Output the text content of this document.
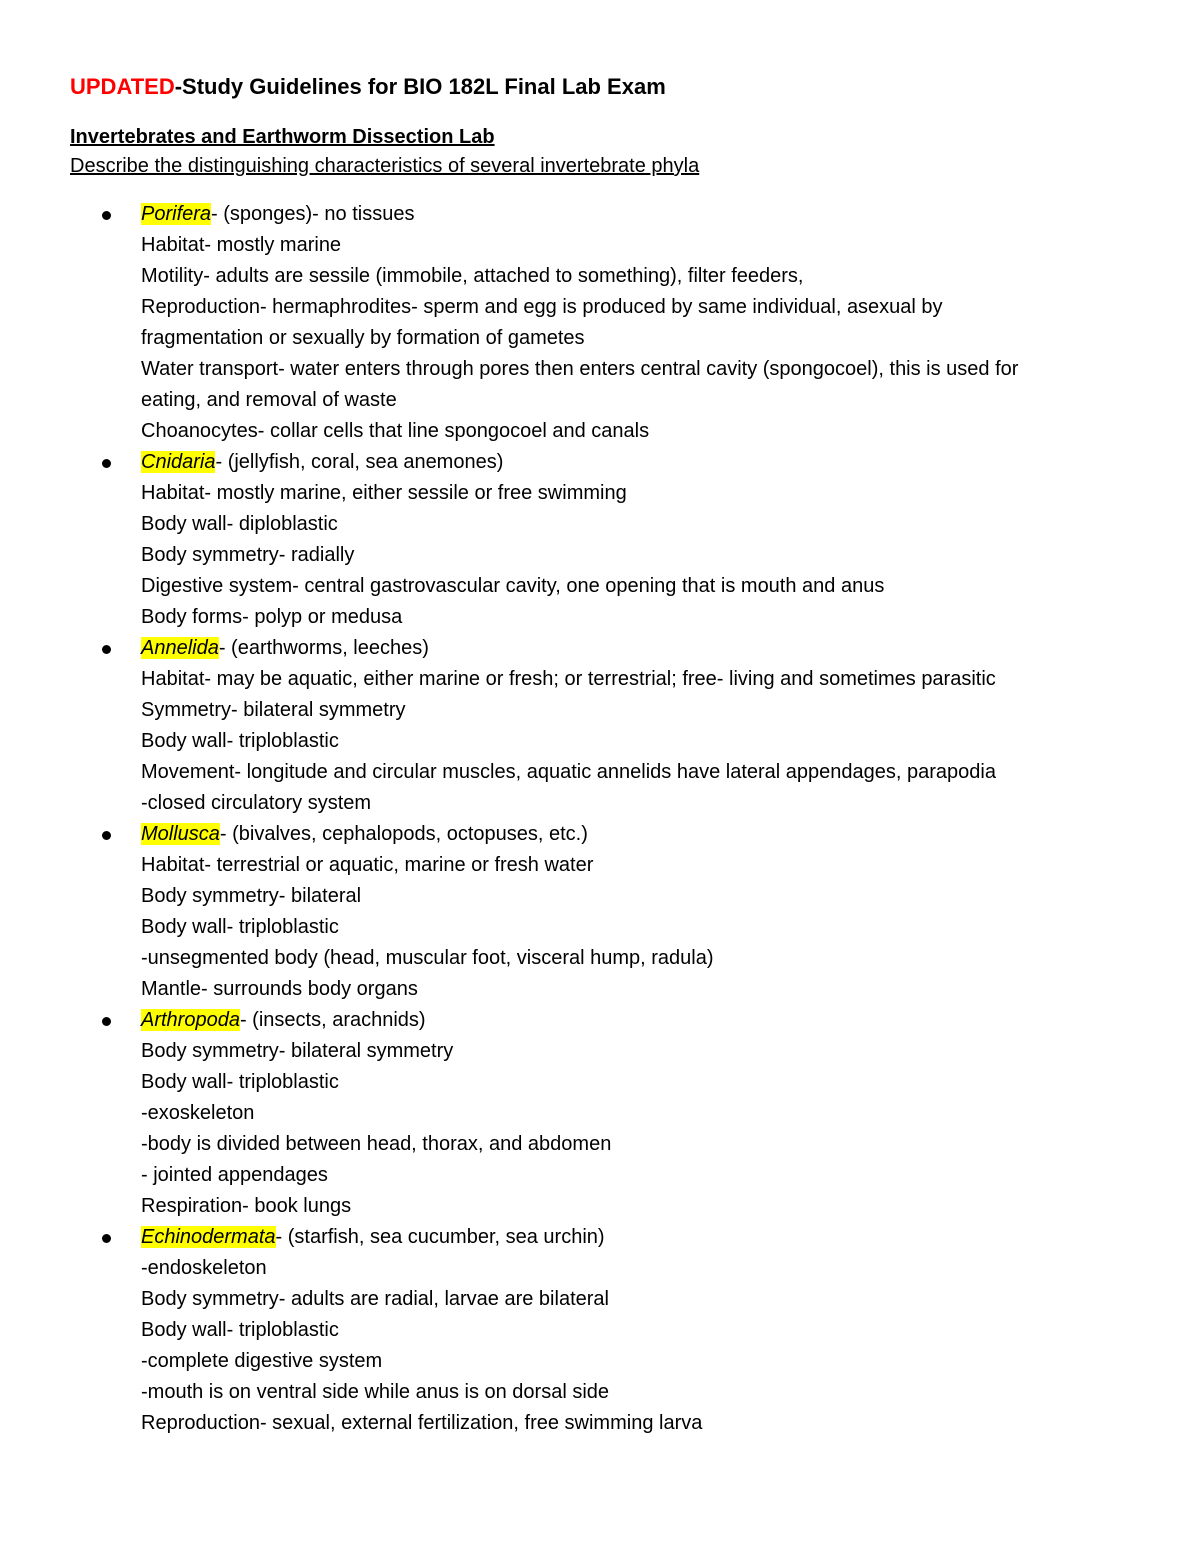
UPDATED-Study Guidelines for BIO 182L Final Lab Exam
Invertebrates and Earthworm Dissection Lab
Describe the distinguishing characteristics of several invertebrate phyla
Porifera- (sponges)- no tissues
Habitat- mostly marine
Motility- adults are sessile (immobile, attached to something), filter feeders,
Reproduction- hermaphrodites- sperm and egg is produced by same individual, asexual by
fragmentation or sexually by formation of gametes
Water transport- water enters through pores then enters central cavity (spongocoel), this is used for
eating, and removal of waste
Choanocytes- collar cells that line spongocoel and canals
Cnidaria- (jellyfish, coral, sea anemones)
Habitat- mostly marine, either sessile or free swimming
Body wall- diploblastic
Body symmetry- radially
Digestive system- central gastrovascular cavity, one opening that is mouth and anus
Body forms- polyp or medusa
Annelida- (earthworms, leeches)
Habitat- may be aquatic, either marine or fresh; or terrestrial; free- living and sometimes parasitic
Symmetry- bilateral symmetry
Body wall- triploblastic
Movement- longitude and circular muscles, aquatic annelids have lateral appendages, parapodia
-closed circulatory system
Mollusca- (bivalves, cephalopods, octopuses, etc.)
Habitat- terrestrial or aquatic, marine or fresh water
Body symmetry- bilateral
Body wall- triploblastic
-unsegmented body (head, muscular foot, visceral hump, radula)
Mantle- surrounds body organs
Arthropoda- (insects, arachnids)
Body symmetry- bilateral symmetry
Body wall- triploblastic
-exoskeleton
-body is divided between head, thorax, and abdomen
- jointed appendages
Respiration- book lungs
Echinodermata- (starfish, sea cucumber, sea urchin)
-endoskeleton
Body symmetry- adults are radial, larvae are bilateral
Body wall- triploblastic
-complete digestive system
-mouth is on ventral side while anus is on dorsal side
Reproduction- sexual, external fertilization, free swimming larva
